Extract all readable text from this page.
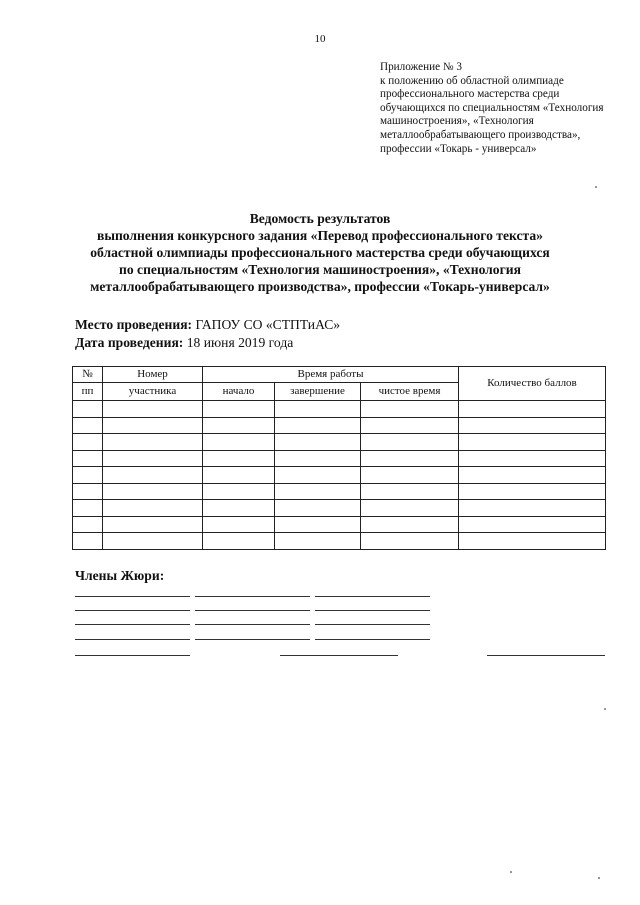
10
Приложение № 3
к положению об областной олимпиаде профессионального мастерства среди обучающихся по специальностям «Технология машиностроения», «Технология металлообрабатывающего производства», профессии «Токарь - универсал»
Ведомость результатов
выполнения конкурсного задания «Перевод профессионального текста»
областной олимпиады профессионального мастерства среди обучающихся
по специальностям «Технология машиностроения», «Технология
металлообрабатывающего производства», профессии «Токарь-универсал»
Место проведения: ГАПОУ СО «СТПТиАС»
Дата проведения: 18 июня 2019 года
№	Номер	Время работы			Количество баллов
пп	участника	начало	завершение	чистое время	

Члены Жюри:
